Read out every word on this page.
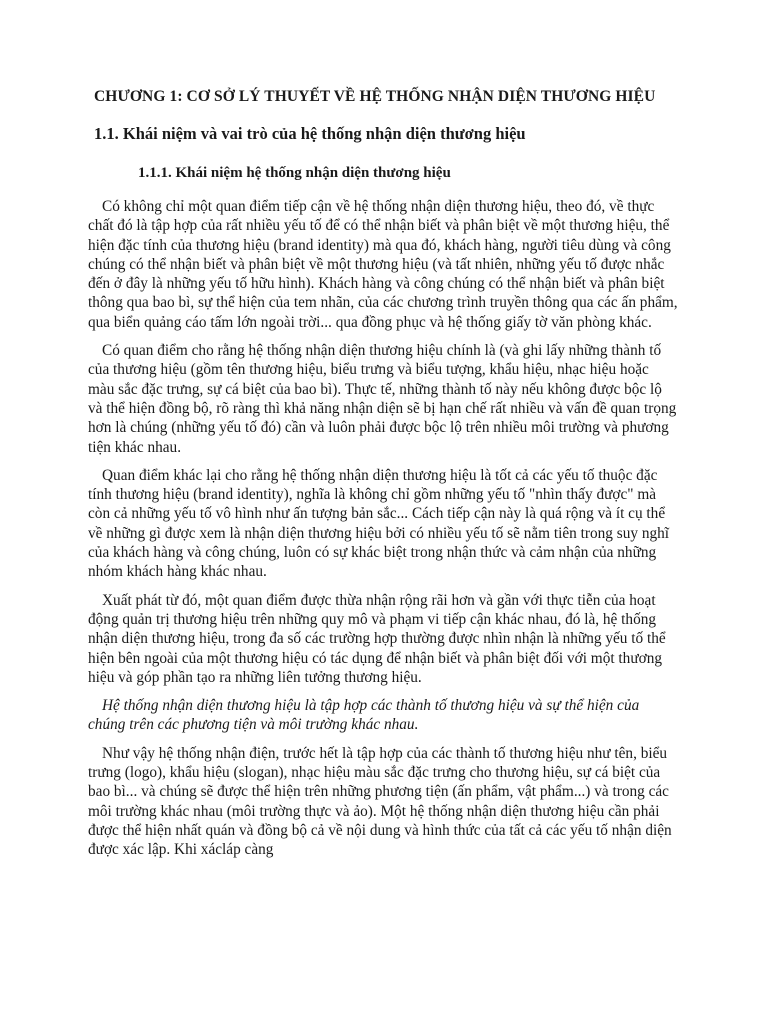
CHƯƠNG 1: CƠ SỞ LÝ THUYẾT VỀ HỆ THỐNG NHẬN DIỆN THƯƠNG HIỆU
1.1. Khái niệm và vai trò của hệ thống nhận diện thương hiệu
1.1.1. Khái niệm hệ thống nhận diện thương hiệu

Có không chỉ một quan điểm tiếp cận về hệ thống nhận diện thương hiệu, theo đó, về thực chất đó là tập hợp của rất nhiều yếu tố để có thể nhận biết và phân biệt về một thương hiệu, thể hiện đặc tính của thương hiệu (brand identity) mà qua đó, khách hàng, người tiêu dùng và công chúng có thể nhận biết và phân biệt về một thương hiệu (và tất nhiên, những yếu tố được nhắc đến ở đây là những yếu tố hữu hình). Khách hàng và công chúng có thể nhận biết và phân biệt thông qua bao bì, sự thể hiện của tem nhãn, của các chương trình truyền thông qua các ấn phẩm, qua biển quảng cáo tấm lớn ngoài trời... qua đồng phục và hệ thống giấy tờ văn phòng khác.

Có quan điểm cho rằng hệ thống nhận diện thương hiệu chính là (và ghi lấy những thành tố của thương hiệu (gồm tên thương hiệu, biểu trưng và biểu tượng, khẩu hiệu, nhạc hiệu hoặc màu sắc đặc trưng, sự cá biệt của bao bì). Thực tế, những thành tố này nếu không được bộc lộ và thể hiện đồng bộ, rõ ràng thì khả năng nhận diện sẽ bị hạn chế rất nhiều và vấn đề quan trọng hơn là chúng (những yếu tố đó) cần và luôn phải được bộc lộ trên nhiều môi trường và phương tiện khác nhau.

Quan điểm khác lại cho rằng hệ thống nhận diện thương hiệu là tốt cả các yếu tố thuộc đặc tính thương hiệu (brand identity), nghĩa là không chỉ gồm những yếu tố "nhìn thấy được" mà còn cả những yếu tố vô hình như ấn tượng bản sắc... Cách tiếp cận này là quá rộng và ít cụ thể về những gì được xem là nhận diện thương hiệu bởi có nhiều yếu tố sẽ nằm tiên trong suy nghĩ của khách hàng và công chúng, luôn có sự khác biệt trong nhận thức và cảm nhận của những nhóm khách hàng khác nhau.

Xuất phát từ đó, một quan điểm được thừa nhận rộng rãi hơn và gần với thực tiễn của hoạt động quản trị thương hiệu trên những quy mô và phạm vi tiếp cận khác nhau, đó là, hệ thống nhận diện thương hiệu, trong đa số các trường hợp thường được nhìn nhận là những yếu tố thể hiện bên ngoài của một thương hiệu có tác dụng để nhận biết và phân biệt đối với một thương hiệu và góp phần tạo ra những liên tưởng thương hiệu.

Hệ thống nhận diện thương hiệu là tập hợp các thành tố thương hiệu và sự thể hiện của chúng trên các phương tiện và môi trường khác nhau.

Như vậy hệ thống nhận điện, trước hết là tập hợp của các thành tố thương hiệu như tên, biểu trưng (logo), khẩu hiệu (slogan), nhạc hiệu màu sắc đặc trưng cho thương hiệu, sự cá biệt của bao bì... và chúng sẽ được thể hiện trên những phương tiện (ấn phẩm, vật phẩm...) và trong các môi trường khác nhau (môi trường thực và ảo). Một hệ thống nhận diện thương hiệu cần phải được thể hiện nhất quán và đồng bộ cả về nội dung và hình thức của tất cả các yếu tố nhận diện được xác lập. Khi xácláp càng
